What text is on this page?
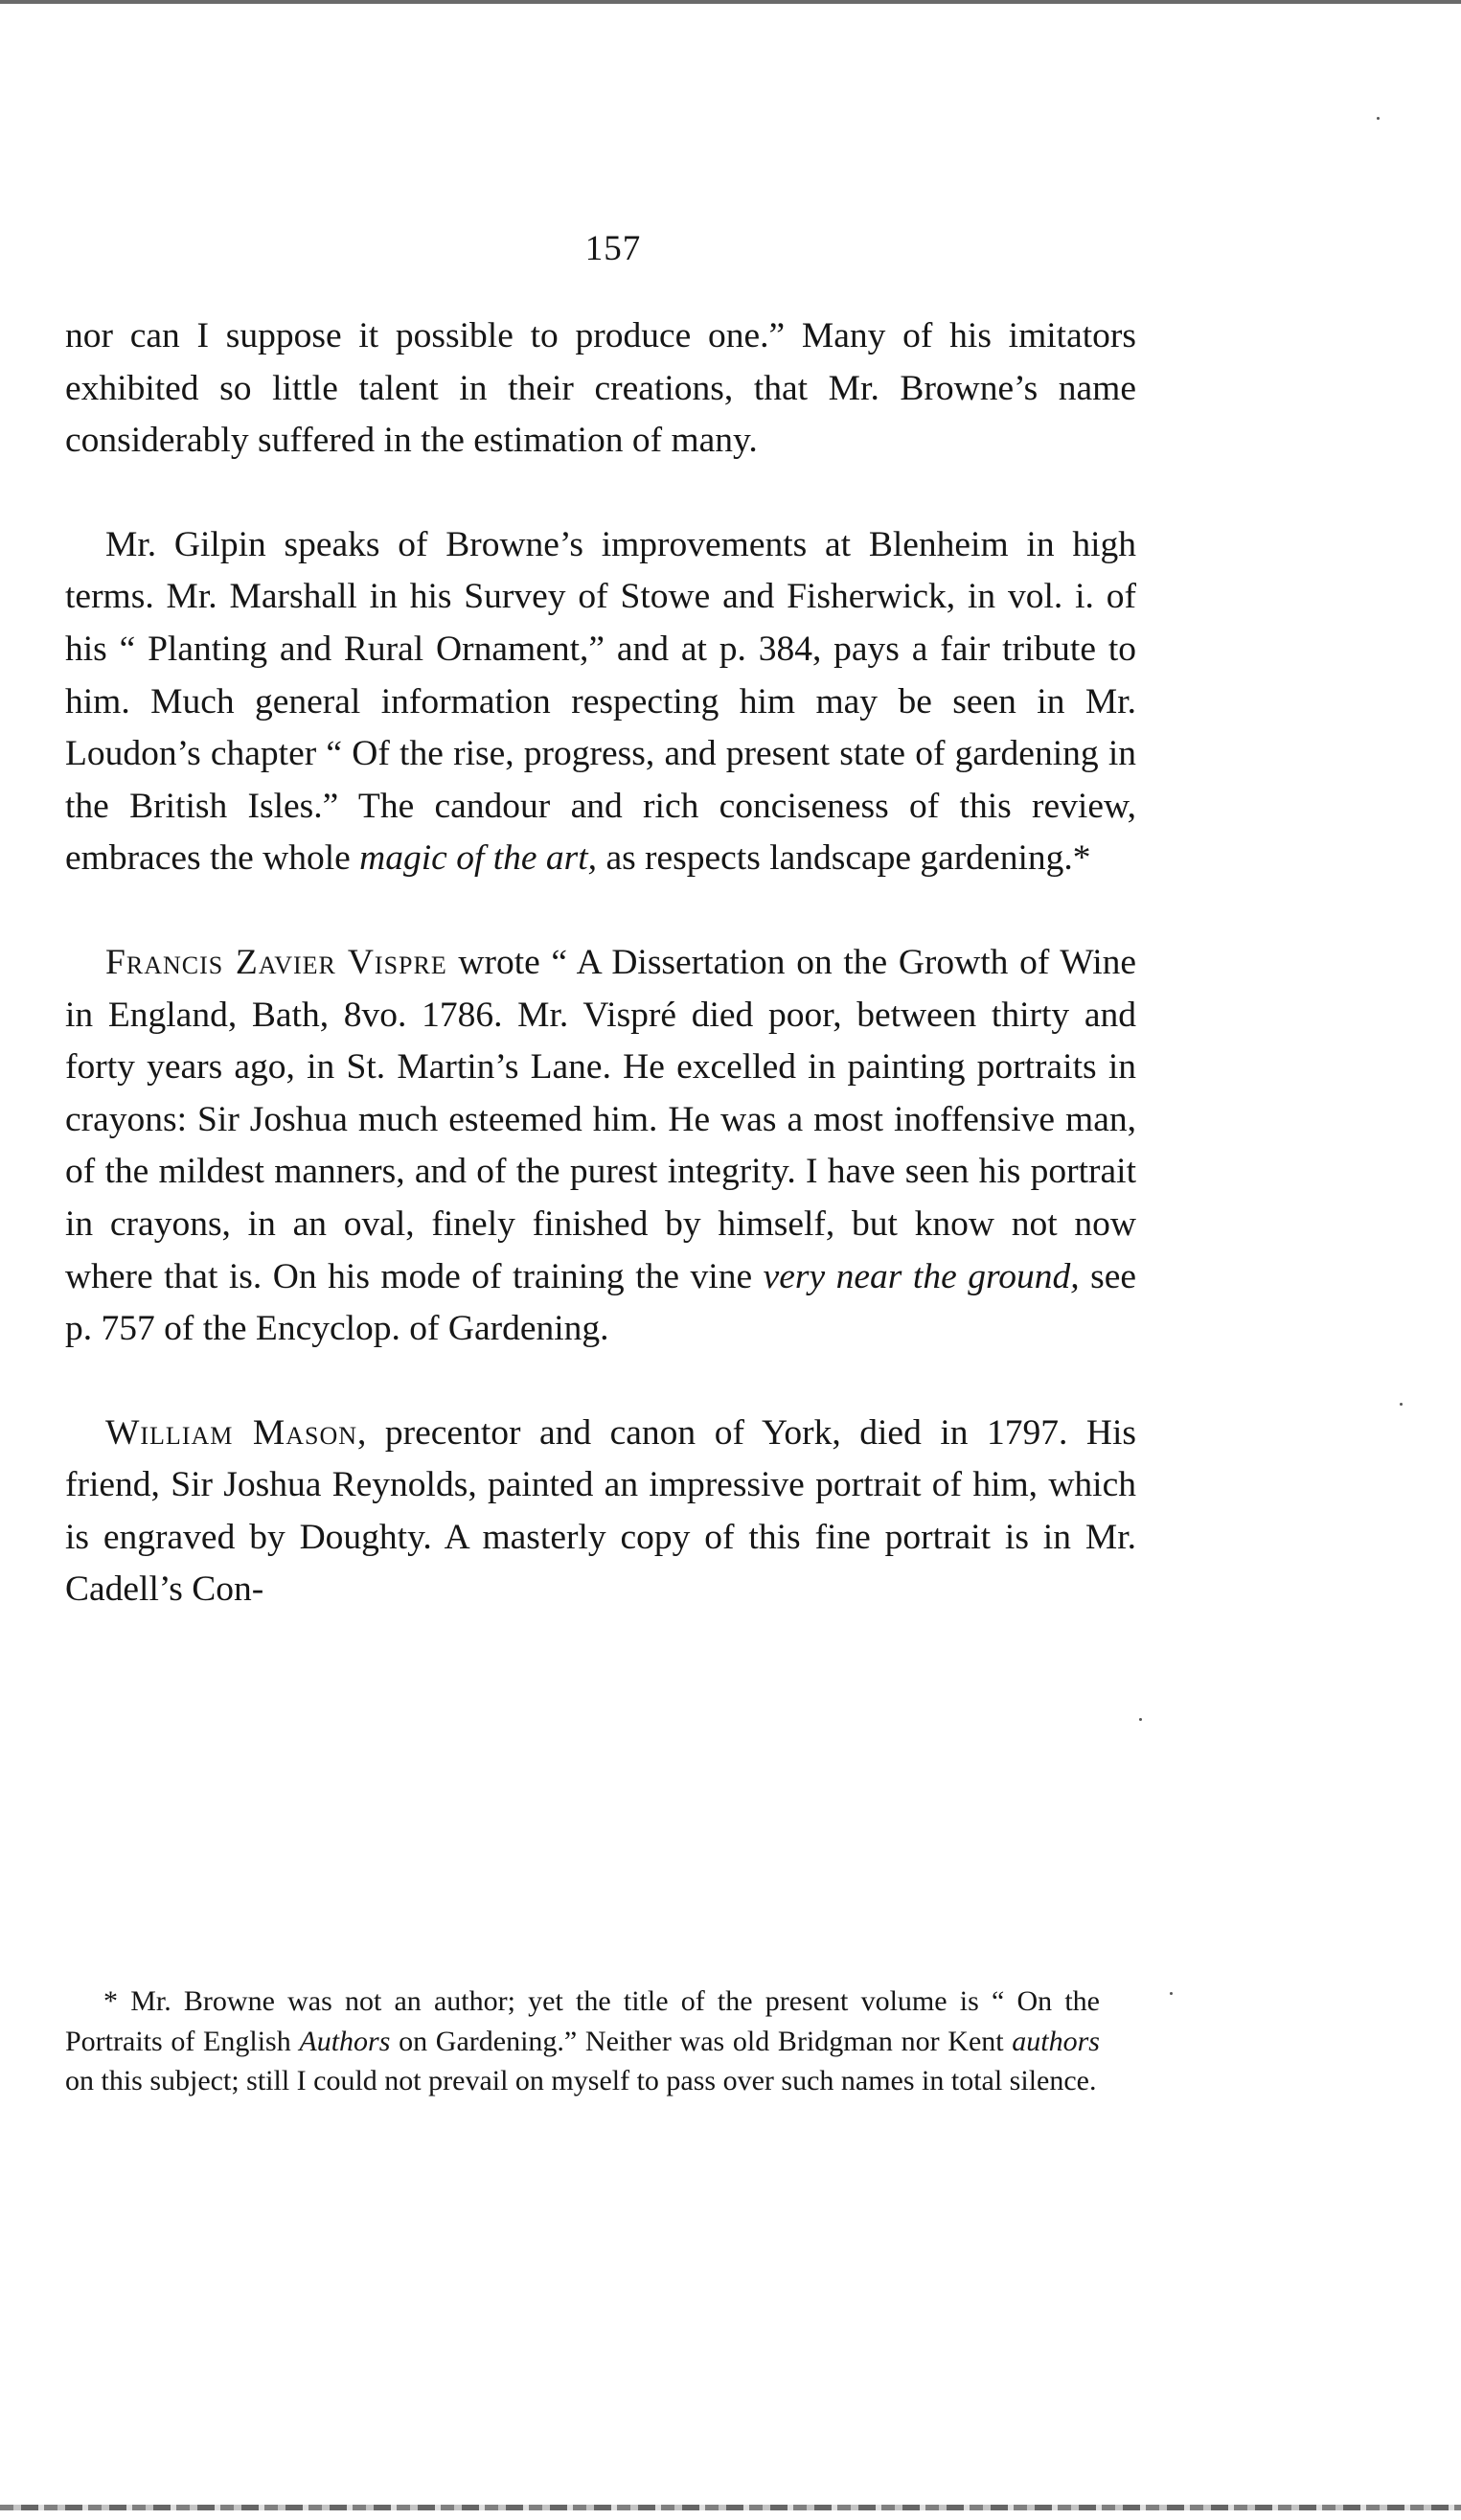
157

nor can I suppose it possible to produce one.” Many of his imitators exhibited so little talent in their creations, that Mr. Browne’s name considerably suffered in the estimation of many.

Mr. Gilpin speaks of Browne’s improvements at Blenheim in high terms. Mr. Marshall in his Survey of Stowe and Fisherwick, in vol. i. of his “ Planting and Rural Ornament,” and at p. 384, pays a fair tribute to him. Much general information respecting him may be seen in Mr. Loudon’s chapter “ Of the rise, progress, and present state of gardening in the British Isles.” The candour and rich conciseness of this review, embraces the whole magic of the art, as respects landscape gardening.*

Francis Zavier Vispre wrote “ A Dissertation on the Growth of Wine in England, Bath, 8vo. 1786. Mr. Vispré died poor, between thirty and forty years ago, in St. Martin’s Lane. He excelled in painting portraits in crayons: Sir Joshua much esteemed him. He was a most inoffensive man, of the mildest manners, and of the purest integrity. I have seen his portrait in crayons, in an oval, finely finished by himself, but know not now where that is. On his mode of training the vine very near the ground, see p. 757 of the Encyclop. of Gardening.

William Mason, precentor and canon of York, died in 1797. His friend, Sir Joshua Reynolds, painted an impressive portrait of him, which is engraved by Doughty. A masterly copy of this fine portrait is in Mr. Cadell’s Con-

* Mr. Browne was not an author; yet the title of the present volume is “ On the Portraits of English Authors on Gardening.” Neither was old Bridgman nor Kent authors on this subject; still I could not prevail on myself to pass over such names in total silence.
